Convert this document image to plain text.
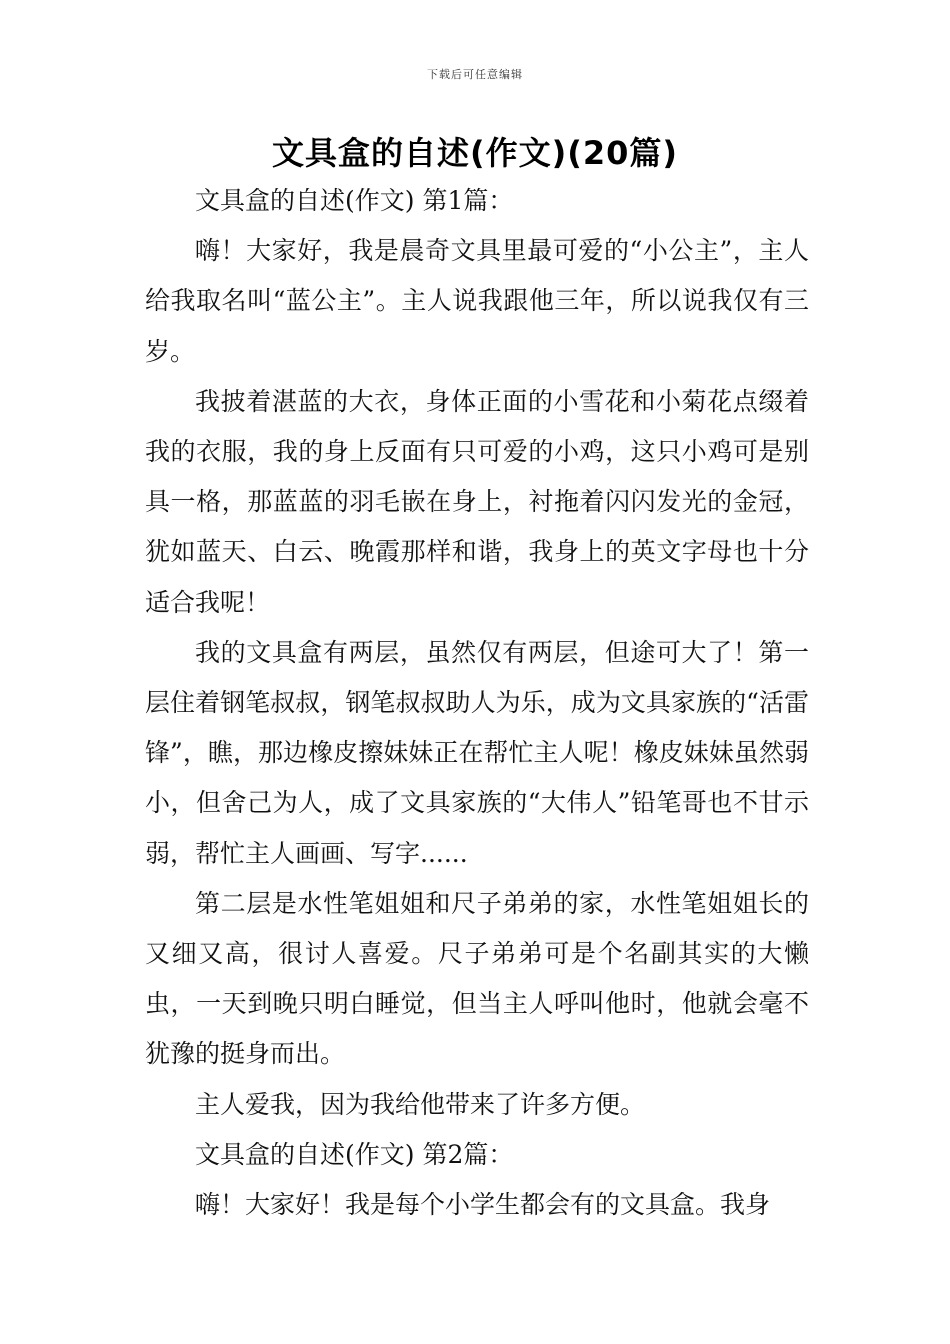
下载后可任意编辑
文具盒的自述(作文)(20篇)

文具盒的自述(作文) 第1篇：

嗨！大家好，我是晨奇文具里最可爱的“小公主”，主人给我取名叫“蓝公主”。主人说我跟他三年，所以说我仅有三岁。

我披着湛蓝的大衣，身体正面的小雪花和小菊花点缀着我的衣服，我的身上反面有只可爱的小鸡，这只小鸡可是别具一格，那蓝蓝的羽毛嵌在身上，衬拖着闪闪发光的金冠，犹如蓝天、白云、晚霞那样和谐，我身上的英文字母也十分适合我呢！

我的文具盒有两层，虽然仅有两层，但途可大了！第一层住着钢笔叔叔，钢笔叔叔助人为乐，成为文具家族的“活雷锋”，瞧，那边橡皮擦妹妹正在帮忙主人呢！橡皮妹妹虽然弱小，但舍己为人，成了文具家族的“大伟人”铅笔哥也不甘示弱，帮忙主人画画、写字......

第二层是水性笔姐姐和尺子弟弟的家，水性笔姐姐长的又细又高，很讨人喜爱。尺子弟弟可是个名副其实的大懒虫，一天到晚只明白睡觉，但当主人呼叫他时，他就会毫不犹豫的挺身而出。

主人爱我，因为我给他带来了许多方便。

文具盒的自述(作文) 第2篇：

嗨！大家好！我是每个小学生都会有的文具盒。我身
